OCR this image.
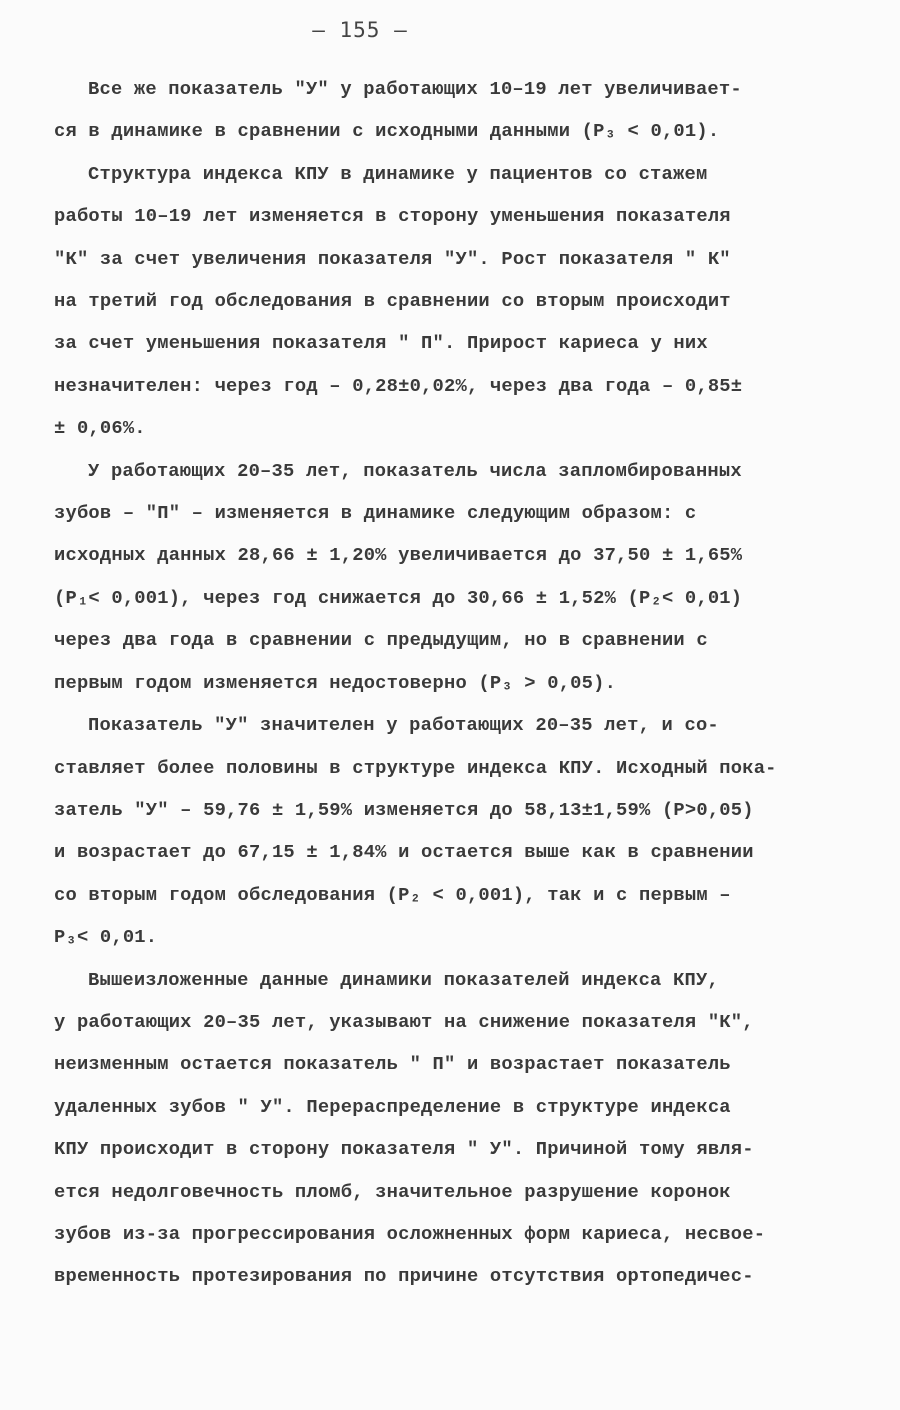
– 155 –
Все же показатель "У" у работающих 10–19 лет увеличивает-
ся в динамике в сравнении с исходными данными (P₃ < 0,01).
Структура индекса КПУ в динамике у пациентов со стажем
работы 10–19 лет изменяется в сторону уменьшения показателя
"К" за счет увеличения показателя "У". Рост показателя " К"
на третий год обследования в сравнении со вторым происходит
за счет уменьшения показателя " П". Прирост кариеса у них
незначителен: через год – 0,28±0,02%, через два года – 0,85±
± 0,06%.
У работающих 20–35 лет, показатель числа запломбированных
зубов – "П" – изменяется в динамике следующим образом: с
исходных данных 28,66 ± 1,20% увеличивается до 37,50 ± 1,65%
(P₁< 0,001), через год снижается до 30,66 ± 1,52% (P₂< 0,01)
через два года в сравнении с предыдущим, но в сравнении с
первым годом изменяется недостоверно (P₃ > 0,05).
Показатель "У" значителен у работающих 20–35 лет, и со-
ставляет более половины в структуре индекса КПУ. Исходный пока-
затель "У" – 59,76 ± 1,59% изменяется до 58,13±1,59% (P>0,05)
и возрастает до 67,15 ± 1,84% и остается выше как в сравнении
со вторым годом обследования (P₂ < 0,001), так и с первым –
P₃< 0,01.
Вышеизложенные данные динамики показателей индекса КПУ,
у работающих 20–35 лет, указывают на снижение показателя "К",
неизменным остается показатель " П" и возрастает показатель
удаленных зубов " У". Перераспределение в структуре индекса
КПУ происходит в сторону показателя " У". Причиной тому явля-
ется недолговечность пломб, значительное разрушение коронок
зубов из-за прогрессирования осложненных форм кариеса, несвое-
временность протезирования по причине отсутствия ортопедичес-
